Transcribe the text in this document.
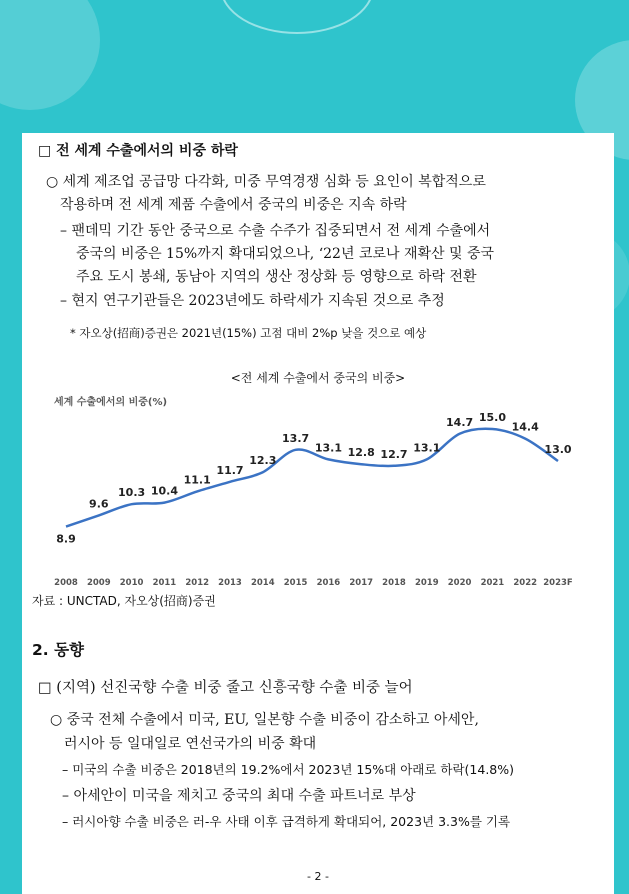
□ 전 세계 수출에서의 비중 하락
○ 세계 제조업 공급망 다각화, 미중 무역경쟁 심화 등 요인이 복합적으로
작용하며 전 세계 제품 수출에서 중국의 비중은 지속 하락
– 팬데믹 기간 동안 중국으로 수출 수주가 집중되면서 전 세계 수출에서
중국의 비중은 15%까지 확대되었으나, ‘22년 코로나 재확산 및 중국
주요 도시 봉쇄, 동남아 지역의 생산 정상화 등 영향으로 하락 전환
– 현지 연구기관들은 2023년에도 하락세가 지속된 것으로 추정
* 자오상(招商)증권은 2021년(15%) 고점 대비 2%p 낮을 것으로 예상
<전 세계 수출에서 중국의 비중>
세계 수출에서의 비중(%)
8.9
2008
9.6
2009
10.3
2010
10.4
2011
11.1
2012
11.7
2013
12.3
2014
13.7
2015
13.1
2016
12.8
2017
12.7
2018
13.1
2019
14.7
2020
15.0
2021
14.4
2022
13.0
2023F
자료 : UNCTAD, 자오상(招商)증권
2. 동향
□ (지역) 선진국향 수출 비중 줄고 신흥국향 수출 비중 늘어
○ 중국 전체 수출에서 미국, EU, 일본향 수출 비중이 감소하고 아세안,
러시아 등 일대일로 연선국가의 비중 확대
– 미국의 수출 비중은 2018년의 19.2%에서 2023년 15%대 아래로 하락(14.8%)
– 아세안이 미국을 제치고 중국의 최대 수출 파트너로 부상
– 러시아향 수출 비중은 러-우 사태 이후 급격하게 확대되어, 2023년 3.3%를 기록
- 2 -
